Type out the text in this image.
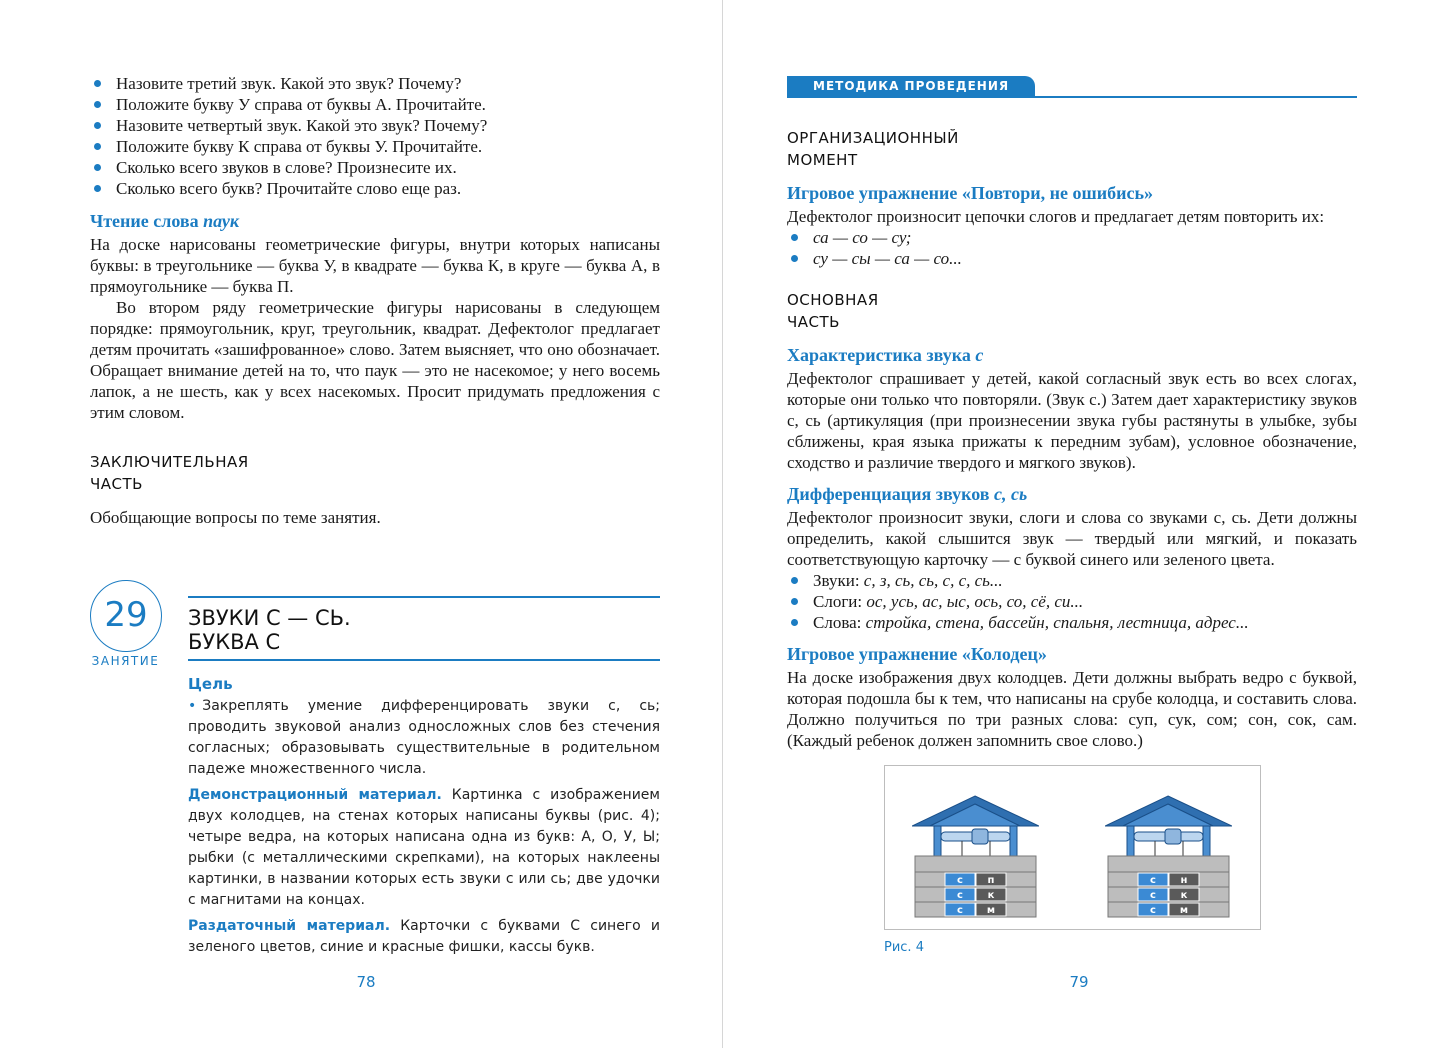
Назовите третий звук. Какой это звук? Почему?
Положите букву У справа от буквы А. Прочитайте.
Назовите четвертый звук. Какой это звук? Почему?
Положите букву К справа от буквы У. Прочитайте.
Сколько всего звуков в слове? Произнесите их.
Сколько всего букв? Прочитайте слово еще раз.
Чтение слова паук

На доске нарисованы геометрические фигуры, внутри которых написаны буквы: в треугольнике — буква У, в квадрате — буква К, в круге — буква А, в прямоугольнике — буква П.

Во втором ряду геометрические фигуры нарисованы в следующем порядке: прямоугольник, круг, треугольник, квадрат. Дефектолог предлагает детям прочитать «зашифрованное» слово. Затем выясняет, что оно обозначает. Обращает внимание детей на то, что паук — это не насекомое; у него восемь лапок, а не шесть, как у всех насекомых. Просит придумать предложения с этим словом.

ЗАКЛЮЧИТЕЛЬНАЯ
ЧАСТЬ
Обобщающие вопросы по теме занятия.
29
ЗАНЯТИЕ
ЗВУКИ С — СЬ.
БУКВА С
Цель
• Закреплять умение дифференцировать звуки с, сь; проводить звуковой анализ односложных слов без стечения согласных; образовывать существительные в родительном падеже множественного числа.
Демонстрационный материал. Картинка с изображением двух колодцев, на стенах которых написаны буквы (рис. 4); четыре ведра, на которых написана одна из букв: А, О, У, Ы; рыбки (с металлическими скрепками), на которых наклеены картинки, в названии которых есть звуки с или сь; две удочки с магнитами на концах.
Раздаточный материал. Карточки с буквами С синего и зеленого цветов, синие и красные фишки, кассы букв.
78
МЕТОДИКА ПРОВЕДЕНИЯ
ОРГАНИЗАЦИОННЫЙ
МОМЕНТ
Игровое упражнение «Повтори, не ошибись»

Дефектолог произносит цепочки слогов и предлагает детям повторить их:

са — со — су;
су — сы — са — со...
ОСНОВНАЯ
ЧАСТЬ
Характеристика звука с

Дефектолог спрашивает у детей, какой согласный звук есть во всех слогах, которые они только что повторяли. (Звук с.) Затем дает характеристику звуков с, сь (артикуляция (при произнесении звука губы растянуты в улыбке, зубы сближены, края языка прижаты к передним зубам), условное обозначение, сходство и различие твердого и мягкого звуков).

Дифференциация звуков с, сь

Дефектолог произносит звуки, слоги и слова со звуками с, сь. Дети должны определить, какой слышится звук — твердый или мягкий, и показать соответствующую карточку — с буквой синего или зеленого цвета.

Звуки: с, з, сь, сь, с, с, сь...
Слоги: ос, усь, ас, ыс, ось, со, сё, си...
Слова: стройка, стена, бассейн, спальня, лестница, адрес...
Игровое упражнение «Колодец»

На доске изображения двух колодцев. Дети должны выбрать ведро с буквой, которая подошла бы к тем, что написаны на срубе колодца, и составить слова. Должно получиться по три разных слова: суп, сук, сом; сон, сок, сам. (Каждый ребенок должен запомнить свое слово.)

с п
с к
с м
с н
с к
с м
Рис. 4
79
